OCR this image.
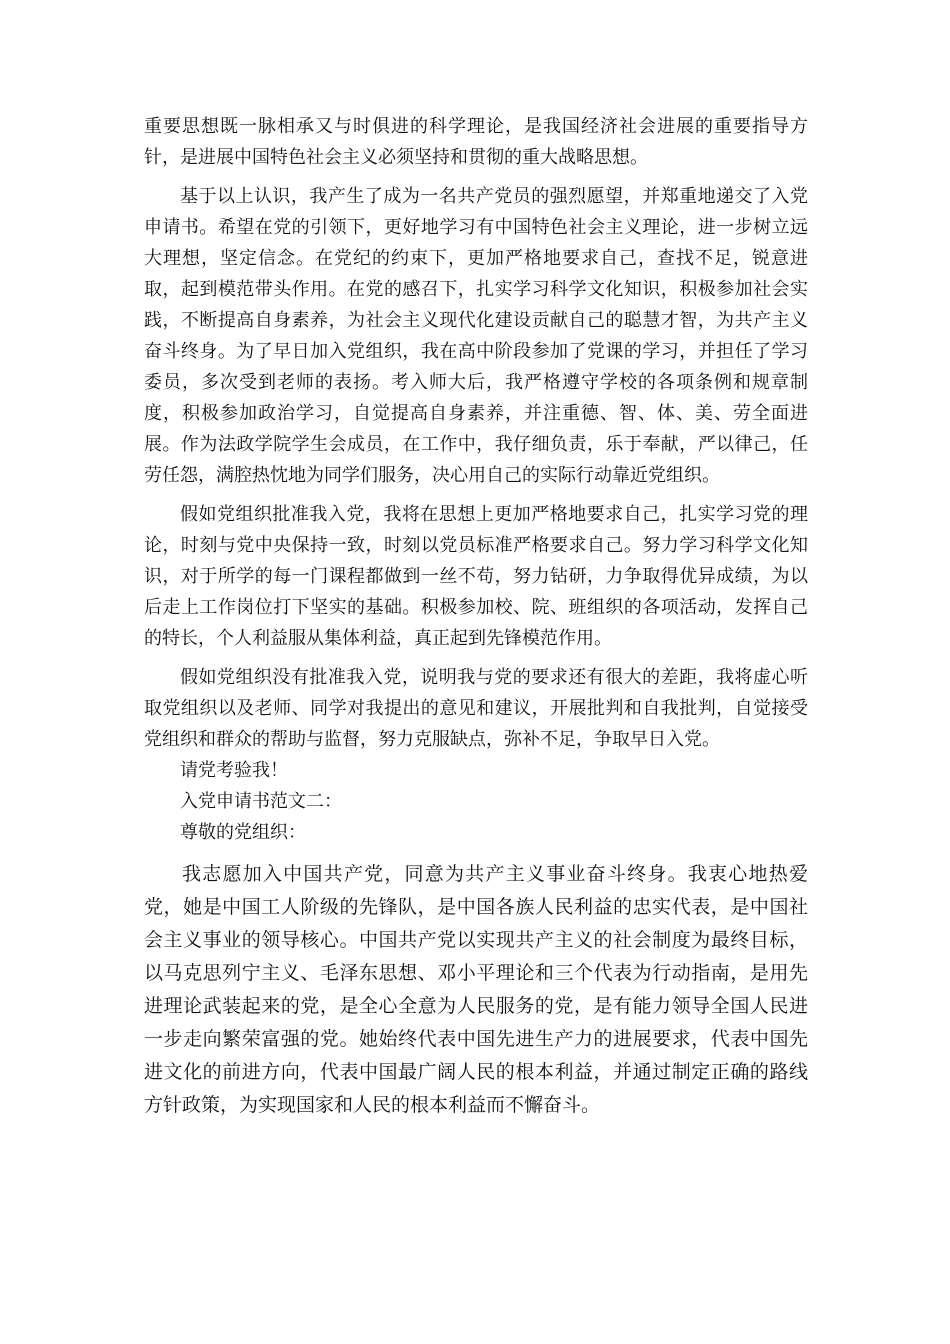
重要思想既一脉相承又与时俱进的科学理论，是我国经济社会进展的重要指导方针，是进展中国特色社会主义必须坚持和贯彻的重大战略思想。

基于以上认识，我产生了成为一名共产党员的强烈愿望，并郑重地递交了入党申请书。希望在党的引领下，更好地学习有中国特色社会主义理论，进一步树立远大理想，坚定信念。在党纪的约束下，更加严格地要求自己，查找不足，锐意进取，起到模范带头作用。在党的感召下，扎实学习科学文化知识，积极参加社会实践，不断提高自身素养，为社会主义现代化建设贡献自己的聪慧才智，为共产主义奋斗终身。为了早日加入党组织，我在高中阶段参加了党课的学习，并担任了学习委员，多次受到老师的表扬。考入师大后，我严格遵守学校的各项条例和规章制度，积极参加政治学习，自觉提高自身素养，并注重德、智、体、美、劳全面进展。作为法政学院学生会成员，在工作中，我仔细负责，乐于奉献，严以律己，任劳任怨，满腔热忱地为同学们服务，决心用自己的实际行动靠近党组织。

假如党组织批准我入党，我将在思想上更加严格地要求自己，扎实学习党的理论，时刻与党中央保持一致，时刻以党员标准严格要求自己。努力学习科学文化知识，对于所学的每一门课程都做到一丝不苟，努力钻研，力争取得优异成绩，为以后走上工作岗位打下坚实的基础。积极参加校、院、班组织的各项活动，发挥自己的特长，个人利益服从集体利益，真正起到先锋模范作用。

假如党组织没有批准我入党，说明我与党的要求还有很大的差距，我将虚心听取党组织以及老师、同学对我提出的意见和建议，开展批判和自我批判，自觉接受党组织和群众的帮助与监督，努力克服缺点，弥补不足，争取早日入党。

请党考验我！

入党申请书范文二：

尊敬的党组织：

我志愿加入中国共产党，同意为共产主义事业奋斗终身。我衷心地热爱党，她是中国工人阶级的先锋队，是中国各族人民利益的忠实代表，是中国社会主义事业的领导核心。中国共产党以实现共产主义的社会制度为最终目标，以马克思列宁主义、毛泽东思想、邓小平理论和三个代表为行动指南，是用先进理论武装起来的党，是全心全意为人民服务的党，是有能力领导全国人民进一步走向繁荣富强的党。她始终代表中国先进生产力的进展要求，代表中国先进文化的前进方向，代表中国最广阔人民的根本利益，并通过制定正确的路线方针政策，为实现国家和人民的根本利益而不懈奋斗。
